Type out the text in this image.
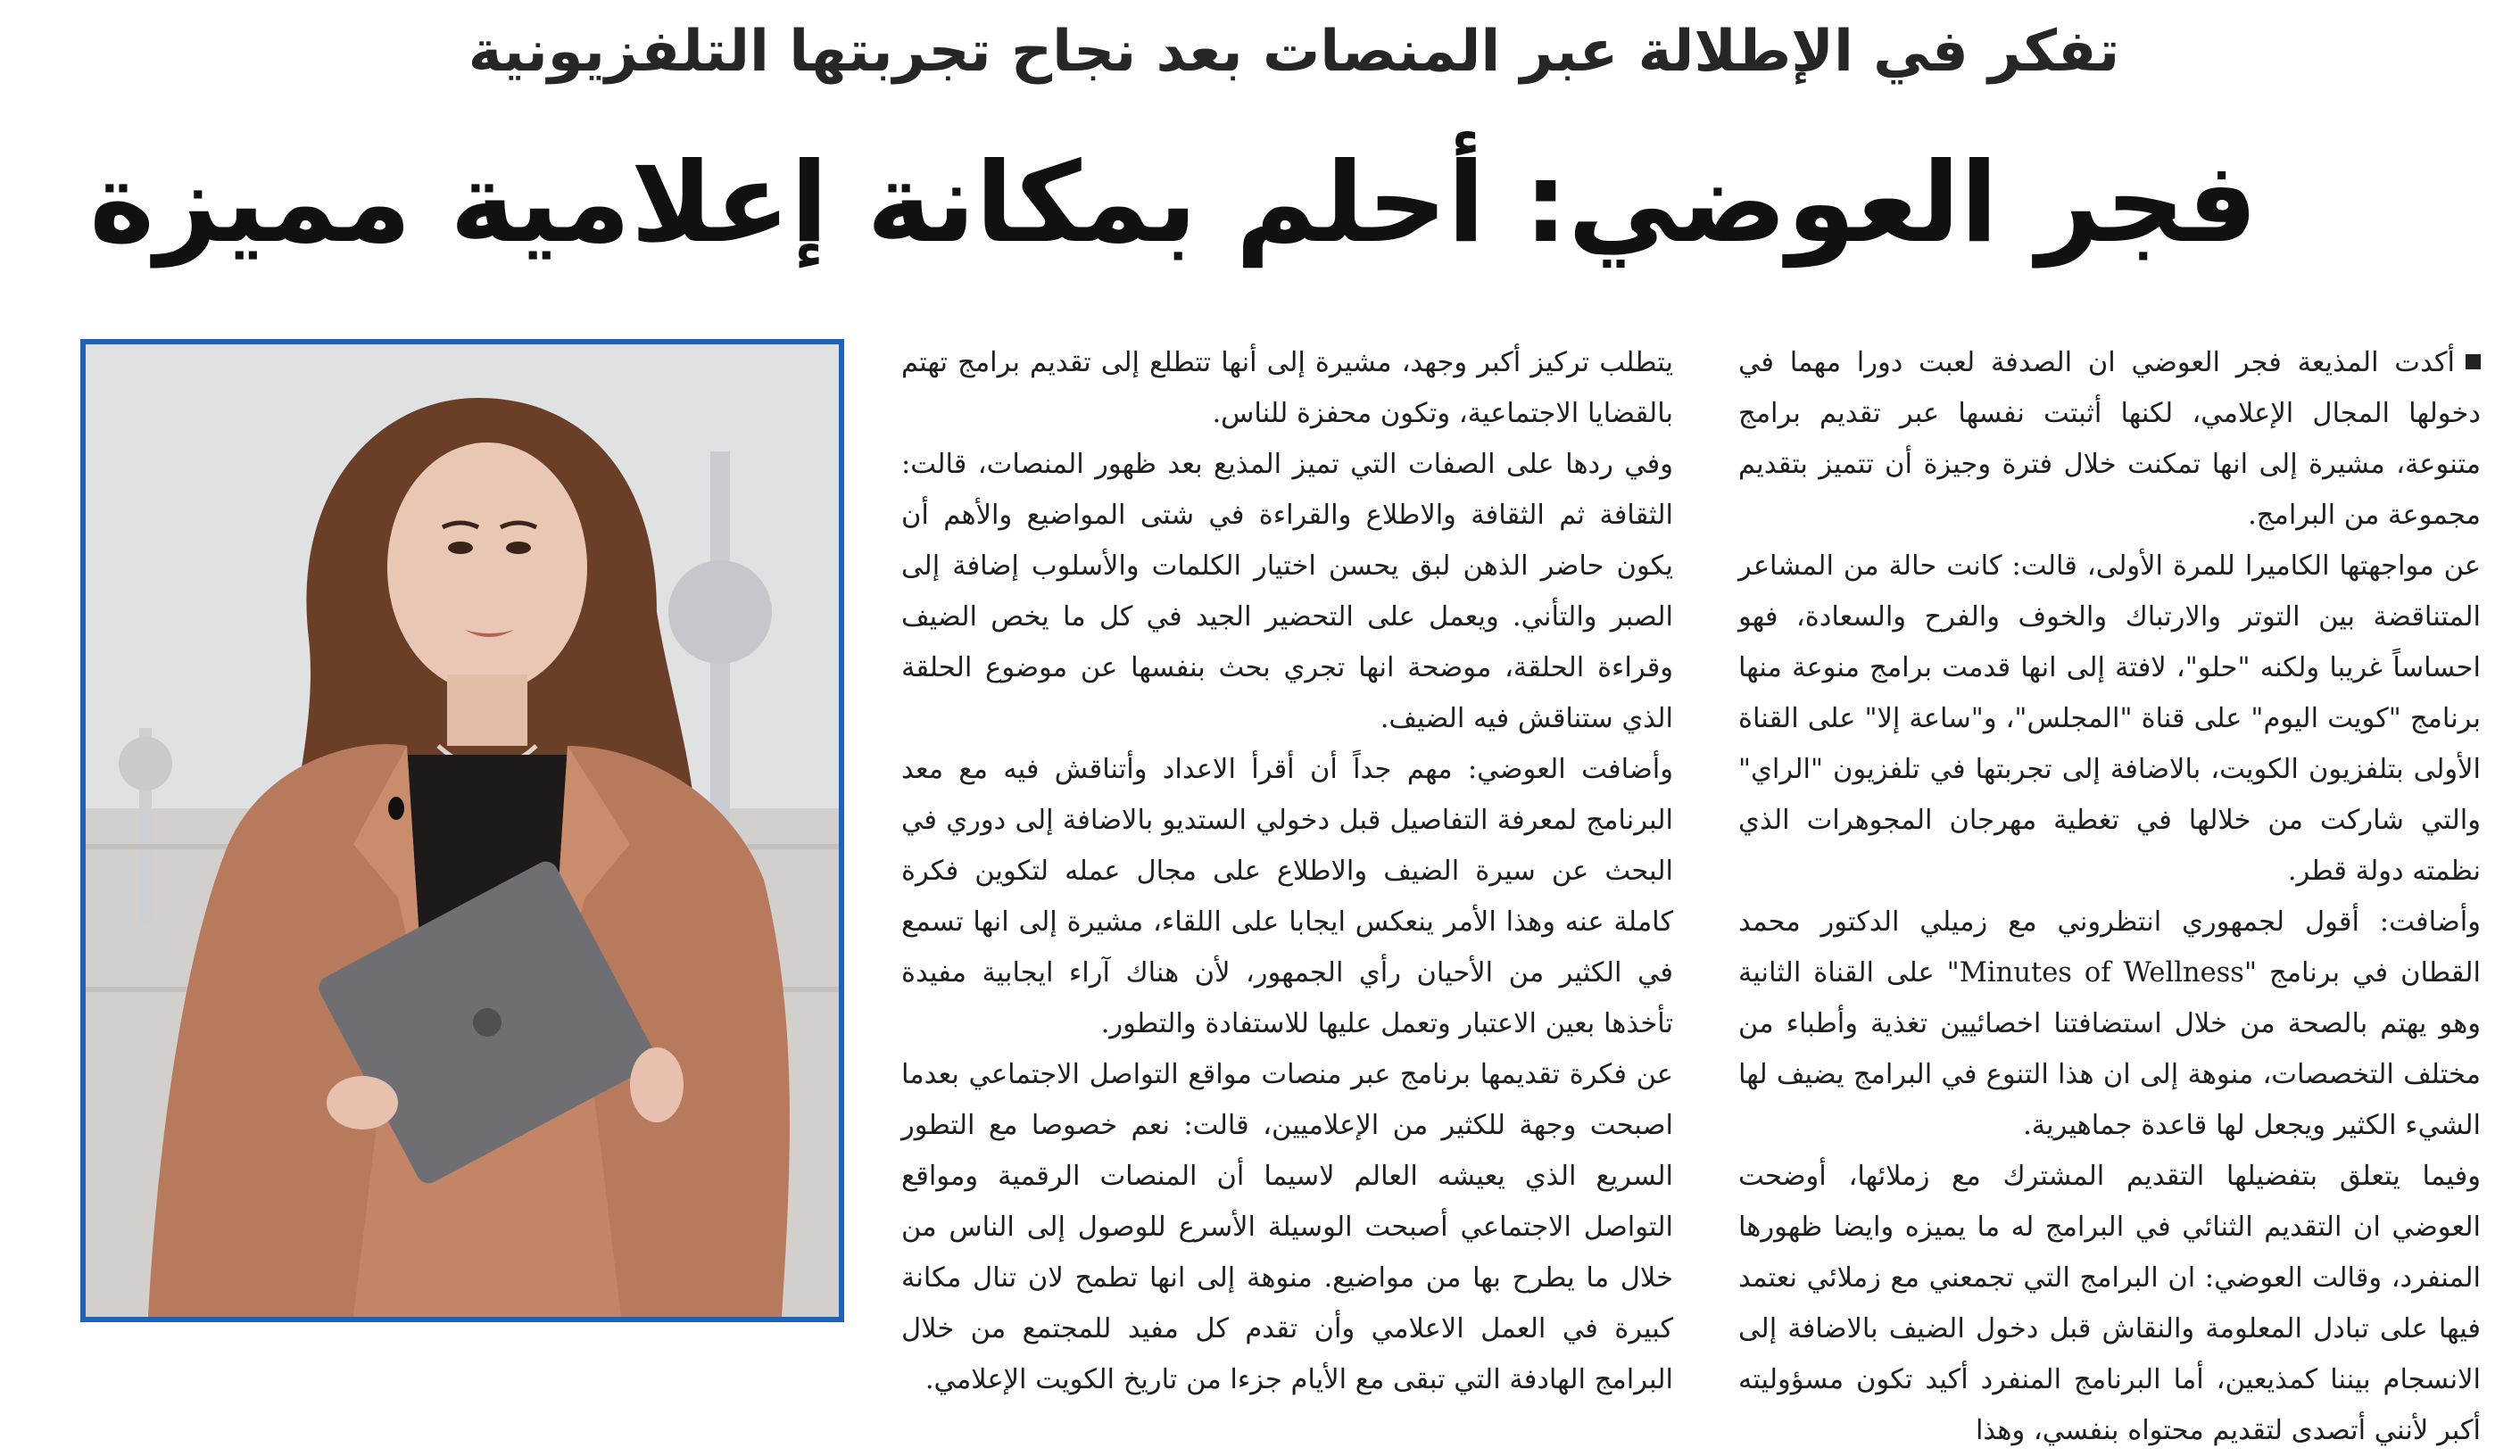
تفكر في الإطلالة عبر المنصات بعد نجاح تجربتها التلفزيونية
فجر العوضي: أحلم بمكانة إعلامية مميزة

أكدت المذيعة فجر العوضي ان الصدفة لعبت دورا مهما في دخولها المجال الإعلامي، لكنها أثبتت نفسها عبر تقديم برامج متنوعة، مشيرة إلى انها تمكنت خلال فترة وجيزة أن تتميز بتقديم مجموعة من البرامج.

عن مواجهتها الكاميرا للمرة الأولى، قالت: كانت حالة من المشاعر المتناقضة بين التوتر والارتباك والخوف والفرح والسعادة، فهو احساساً غريبا ولكنه "حلو"، لافتة إلى انها قدمت برامج منوعة منها برنامج "كويت اليوم" على قناة "المجلس"، و"ساعة إلا" على القناة الأولى بتلفزيون الكويت، بالاضافة إلى تجربتها في تلفزيون "الراي" والتي شاركت من خلالها في تغطية مهرجان المجوهرات الذي نظمته دولة قطر.

وأضافت: أقول لجمهوري انتظروني مع زميلي الدكتور محمد القطان في برنامج "Minutes of Wellness" على القناة الثانية وهو يهتم بالصحة من خلال استضافتنا اخصائيين تغذية وأطباء من مختلف التخصصات، منوهة إلى ان هذا التنوع في البرامج يضيف لها الشيء الكثير ويجعل لها قاعدة جماهيرية.

وفيما يتعلق بتفضيلها التقديم المشترك مع زملائها، أوضحت العوضي ان التقديم الثنائي في البرامج له ما يميزه وايضا ظهورها المنفرد، وقالت العوضي: ان البرامج التي تجمعني مع زملائي نعتمد فيها على تبادل المعلومة والنقاش قبل دخول الضيف بالاضافة إلى الانسجام بيننا كمذيعين، أما البرنامج المنفرد أكيد تكون مسؤوليته أكبر لأنني أتصدى لتقديم محتواه بنفسي، وهذا

يتطلب تركيز أكبر وجهد، مشيرة إلى أنها تتطلع إلى تقديم برامج تهتم بالقضايا الاجتماعية، وتكون محفزة للناس.

وفي ردها على الصفات التي تميز المذيع بعد ظهور المنصات، قالت: الثقافة ثم الثقافة والاطلاع والقراءة في شتى المواضيع والأهم أن يكون حاضر الذهن لبق يحسن اختيار الكلمات والأسلوب إضافة إلى الصبر والتأني. ويعمل على التحضير الجيد في كل ما يخص الضيف وقراءة الحلقة، موضحة انها تجري بحث بنفسها عن موضوع الحلقة الذي ستناقش فيه الضيف.

وأضافت العوضي: مهم جداً أن أقرأ الاعداد وأتناقش فيه مع معد البرنامج لمعرفة التفاصيل قبل دخولي الستديو بالاضافة إلى دوري في البحث عن سيرة الضيف والاطلاع على مجال عمله لتكوين فكرة كاملة عنه وهذا الأمر ينعكس ايجابا على اللقاء، مشيرة إلى انها تسمع في الكثير من الأحيان رأي الجمهور، لأن هناك آراء ايجابية مفيدة تأخذها بعين الاعتبار وتعمل عليها للاستفادة والتطور.

عن فكرة تقديمها برنامج عبر منصات مواقع التواصل الاجتماعي بعدما اصبحت وجهة للكثير من الإعلاميين، قالت: نعم خصوصا مع التطور السريع الذي يعيشه العالم لاسيما أن المنصات الرقمية ومواقع التواصل الاجتماعي أصبحت الوسيلة الأسرع للوصول إلى الناس من خلال ما يطرح بها من مواضيع. منوهة إلى انها تطمح لان تنال مكانة كبيرة في العمل الاعلامي وأن تقدم كل مفيد للمجتمع من خلال البرامج الهادفة التي تبقى مع الأيام جزءا من تاريخ الكويت الإعلامي.
